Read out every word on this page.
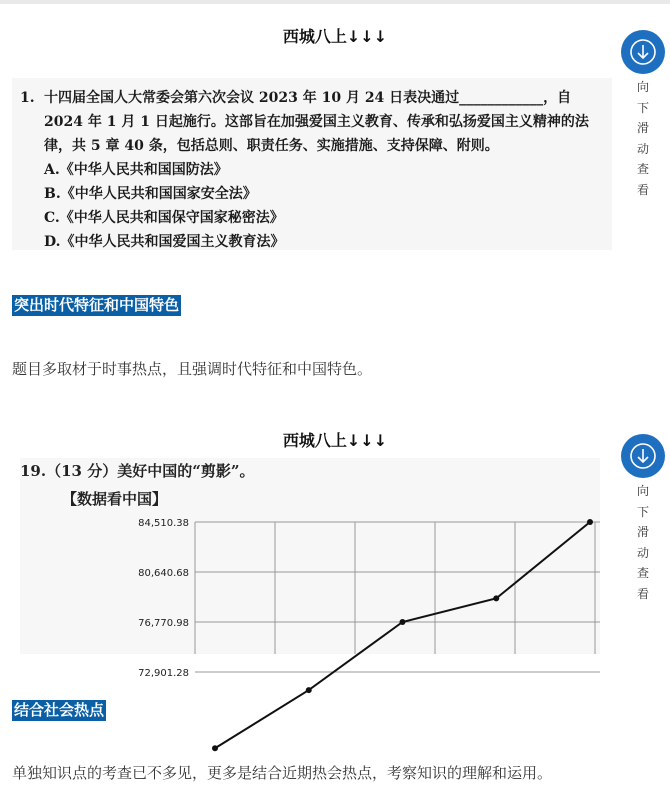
西城八上↓↓↓
向下滑动查看
1. 十四届全国人大常委会第六次会议 2023 年 10 月 24 日表决通过____________，自 2024 年 1 月 1 日起施行。这部旨在加强爱国主义教育、传承和弘扬爱国主义精神的法律，共 5 章 40 条，包括总则、职责任务、实施措施、支持保障、附则。
A.《中华人民共和国国防法》
B.《中华人民共和国国家安全法》
C.《中华人民共和国保守国家秘密法》
D.《中华人民共和国爱国主义教育法》
突出时代特征和中国特色
题目多取材于时事热点，且强调时代特征和中国特色。
西城八上↓↓↓
向下滑动查看
19.（13 分）美好中国的“剪影”。
【数据看中国】
84,510.38
80,640.68
76,770.98
72,901.28
结合社会热点
单独知识点的考查已不多见，更多是结合近期热会热点，考察知识的理解和运用。
